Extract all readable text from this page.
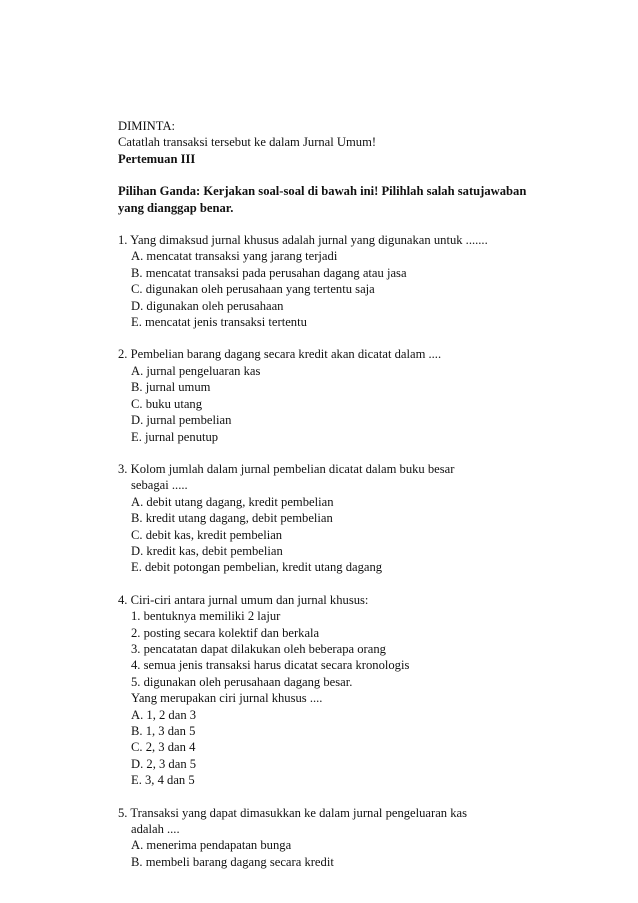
DIMINTA:
Catatlah transaksi tersebut ke dalam Jurnal Umum!
Pertemuan III
Pilihan Ganda: Kerjakan soal-soal di bawah ini! Pilihlah salah satujawaban
yang dianggap benar.
1. Yang dimaksud jurnal khusus adalah jurnal yang digunakan untuk .......
A. mencatat transaksi yang jarang terjadi
B. mencatat transaksi pada perusahan dagang atau jasa
C. digunakan oleh perusahaan yang tertentu saja
D. digunakan oleh perusahaan
E. mencatat jenis transaksi tertentu
2. Pembelian barang dagang secara kredit akan dicatat dalam ....
A. jurnal pengeluaran kas
B. jurnal umum
C. buku utang
D. jurnal pembelian
E. jurnal penutup
3. Kolom jumlah dalam jurnal pembelian dicatat dalam buku besar
sebagai .....
A. debit utang dagang, kredit pembelian
B. kredit utang dagang, debit pembelian
C. debit kas, kredit pembelian
D. kredit kas, debit pembelian
E. debit potongan pembelian, kredit utang dagang
4. Ciri-ciri antara jurnal umum dan jurnal khusus:
1. bentuknya memiliki 2 lajur
2. posting secara kolektif dan berkala
3. pencatatan dapat dilakukan oleh beberapa orang
4. semua jenis transaksi harus dicatat secara kronologis
5. digunakan oleh perusahaan dagang besar.
Yang merupakan ciri jurnal khusus ....
A. 1, 2 dan 3
B. 1, 3 dan 5
C. 2, 3 dan 4
D. 2, 3 dan 5
E. 3, 4 dan 5
5. Transaksi yang dapat dimasukkan ke dalam jurnal pengeluaran kas
adalah ....
A. menerima pendapatan bunga
B. membeli barang dagang secara kredit
